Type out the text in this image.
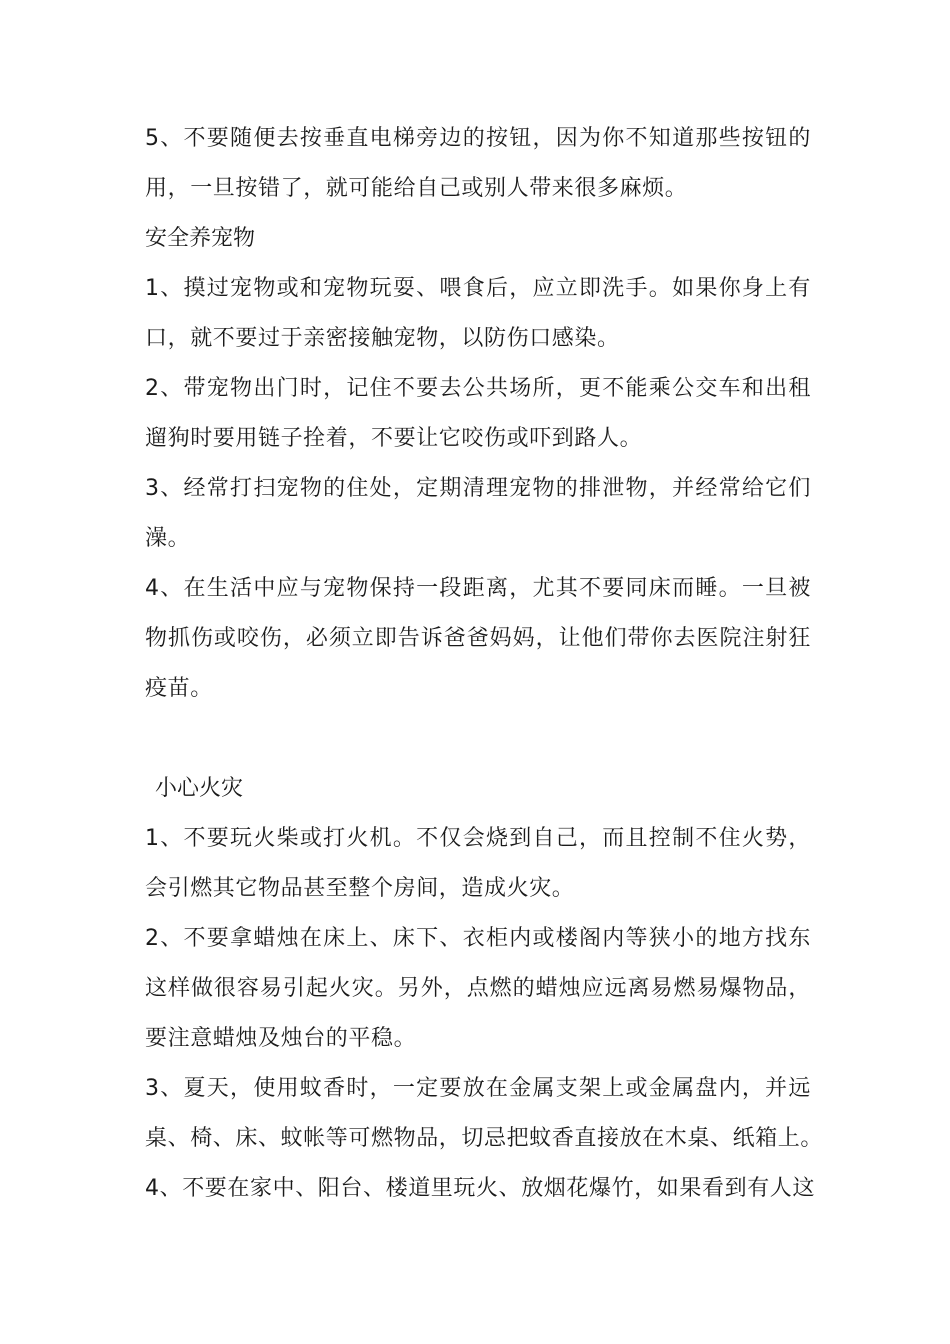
5、不要随便去按垂直电梯旁边的按钮，因为你不知道那些按钮的
用，一旦按错了，就可能给自己或别人带来很多麻烦。
安全养宠物
1、摸过宠物或和宠物玩耍、喂食后，应立即洗手。如果你身上有
口，就不要过于亲密接触宠物，以防伤口感染。
2、带宠物出门时，记住不要去公共场所，更不能乘公交车和出租
遛狗时要用链子拴着，不要让它咬伤或吓到路人。
3、经常打扫宠物的住处，定期清理宠物的排泄物，并经常给它们
澡。
4、在生活中应与宠物保持一段距离，尤其不要同床而睡。一旦被
物抓伤或咬伤，必须立即告诉爸爸妈妈，让他们带你去医院注射狂
疫苗。
小心火灾
1、不要玩火柴或打火机。不仅会烧到自己，而且控制不住火势，
会引燃其它物品甚至整个房间，造成火灾。
2、不要拿蜡烛在床上、床下、衣柜内或楼阁内等狭小的地方找东
这样做很容易引起火灾。另外，点燃的蜡烛应远离易燃易爆物品，
要注意蜡烛及烛台的平稳。
3、夏天，使用蚊香时，一定要放在金属支架上或金属盘内，并远
桌、椅、床、蚊帐等可燃物品，切忌把蚊香直接放在木桌、纸箱上。
4、不要在家中、阳台、楼道里玩火、放烟花爆竹，如果看到有人这
